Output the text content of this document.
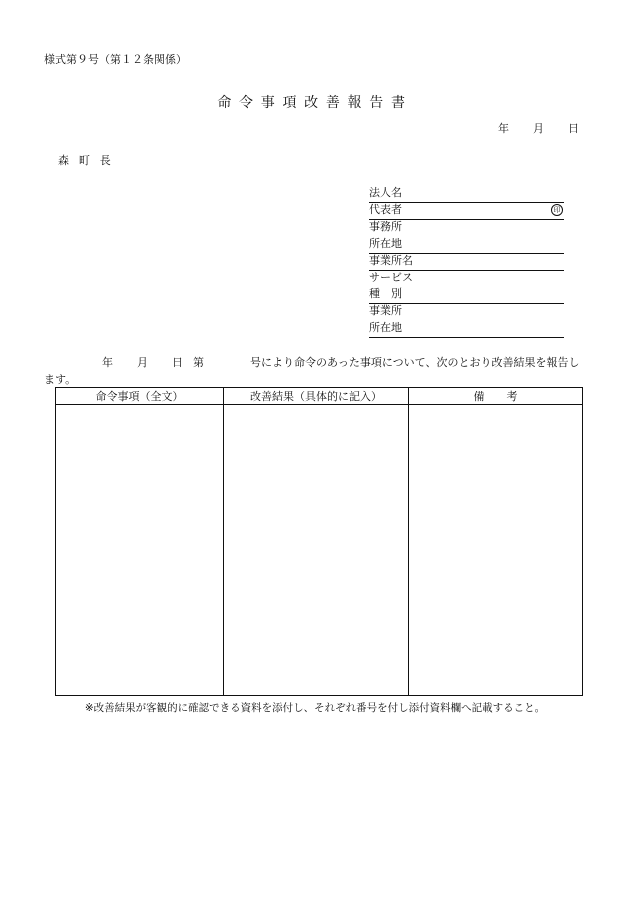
様式第９号（第１２条関係）
命令事項改善報告書
年 月 日
森町長
法人名
代表者	印
事務所
所在地
事業所名
サービス
種　別
事業所
所在地
年 月 日 第	号により命令のあった事項について、次のとおり改善結果を報告します。
命令事項（全文）	改善結果（具体的に記入）	備　　考

※改善結果が客観的に確認できる資料を添付し、それぞれ番号を付し添付資料欄へ記載すること。
